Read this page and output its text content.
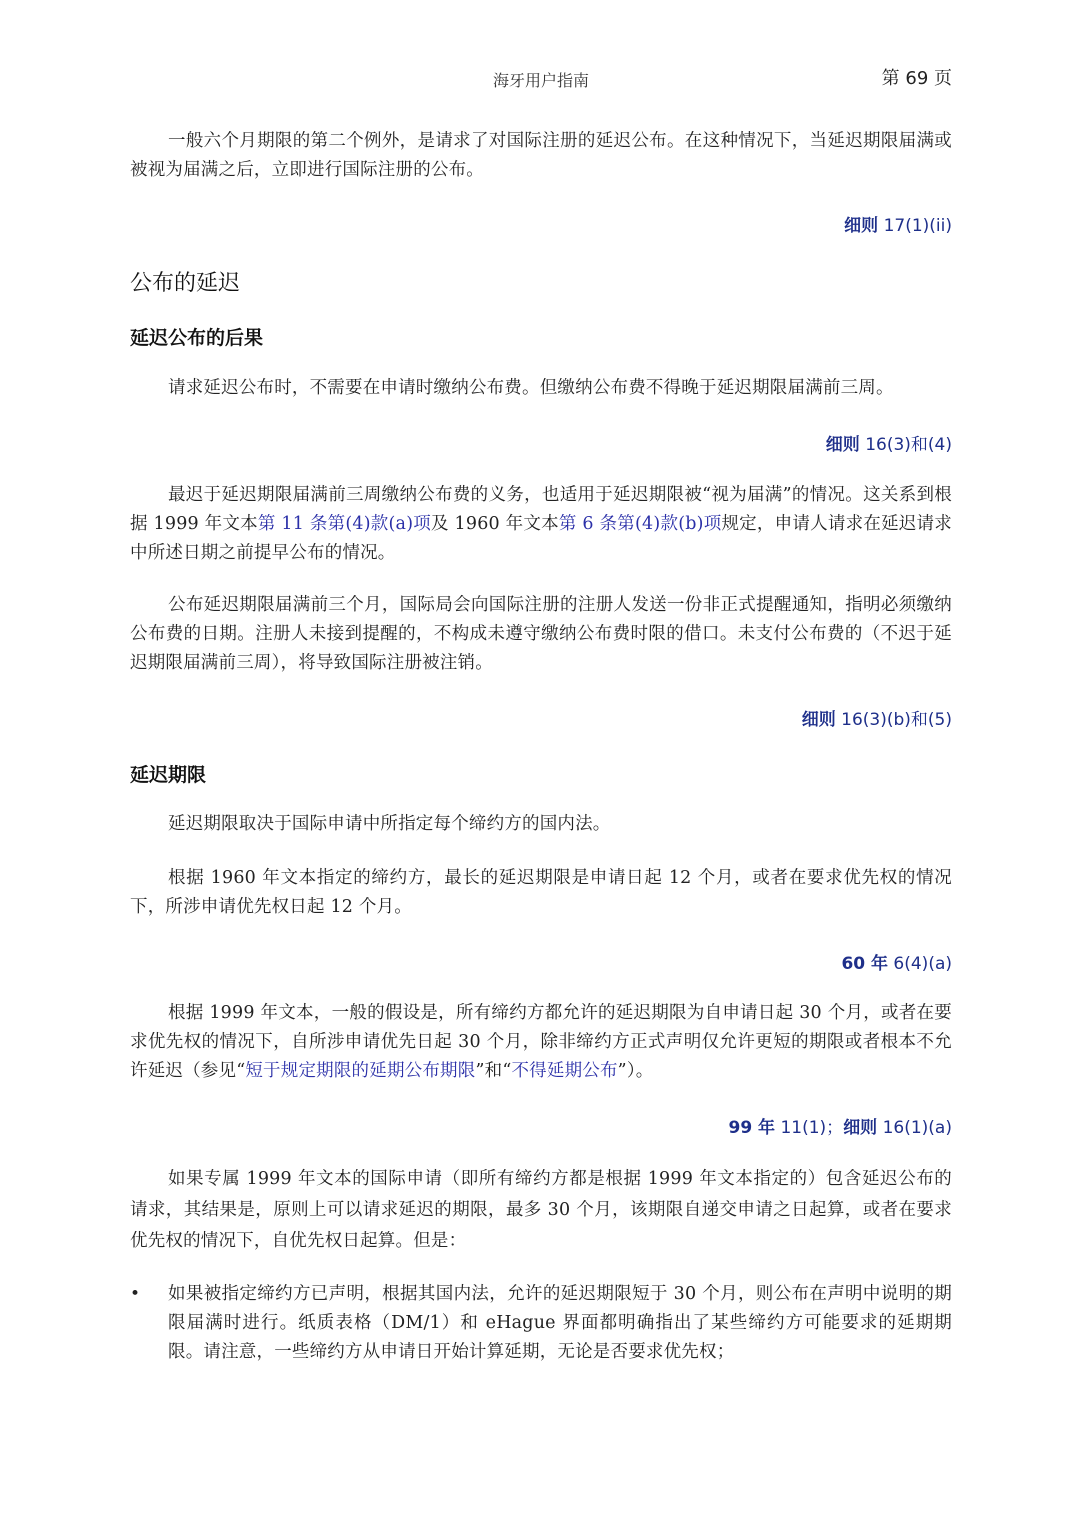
海牙用户指南	第 69 页

一般六个月期限的第二个例外，是请求了对国际注册的延迟公布。在这种情况下，当延迟期限届满或被视为届满之后，立即进行国际注册的公布。

细则 17(1)(ii)
公布的延迟
延迟公布的后果

请求延迟公布时，不需要在申请时缴纳公布费。但缴纳公布费不得晚于延迟期限届满前三周。

细则 16(3)和(4)

最迟于延迟期限届满前三周缴纳公布费的义务，也适用于延迟期限被“视为届满”的情况。这关系到根据 1999 年文本第 11 条第(4)款(a)项及 1960 年文本第 6 条第(4)款(b)项规定，申请人请求在延迟请求中所述日期之前提早公布的情况。

公布延迟期限届满前三个月，国际局会向国际注册的注册人发送一份非正式提醒通知，指明必须缴纳公布费的日期。注册人未接到提醒的，不构成未遵守缴纳公布费时限的借口。未支付公布费的（不迟于延迟期限届满前三周），将导致国际注册被注销。

细则 16(3)(b)和(5)
延迟期限

延迟期限取决于国际申请中所指定每个缔约方的国内法。

根据 1960 年文本指定的缔约方，最长的延迟期限是申请日起 12 个月，或者在要求优先权的情况下，所涉申请优先权日起 12 个月。

60 年 6(4)(a)

根据 1999 年文本，一般的假设是，所有缔约方都允许的延迟期限为自申请日起 30 个月，或者在要求优先权的情况下，自所涉申请优先日起 30 个月，除非缔约方正式声明仅允许更短的期限或者根本不允许延迟（参见“短于规定期限的延期公布期限”和“不得延期公布”）。

99 年 11(1)；细则 16(1)(a)

如果专属 1999 年文本的国际申请（即所有缔约方都是根据 1999 年文本指定的）包含延迟公布的请求，其结果是，原则上可以请求延迟的期限，最多 30 个月，该期限自递交申请之日起算，或者在要求优先权的情况下，自优先权日起算。但是：

• 如果被指定缔约方已声明，根据其国内法，允许的延迟期限短于 30 个月，则公布在声明中说明的期限届满时进行。纸质表格（DM/1）和 eHague 界面都明确指出了某些缔约方可能要求的延期期限。请注意，一些缔约方从申请日开始计算延期，无论是否要求优先权；
